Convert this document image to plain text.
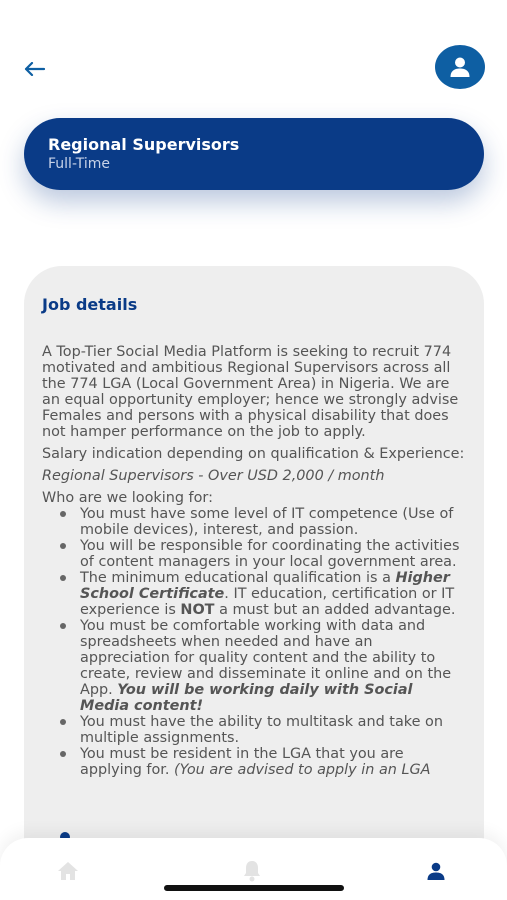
Regional Supervisors
Full-Time
Job details

A Top-Tier Social Media Platform is seeking to recruit 774 motivated and ambitious Regional Supervisors across all the 774 LGA (Local Government Area) in Nigeria. We are an equal opportunity employer; hence we strongly advise Females and persons with a physical disability that does not hamper performance on the job to apply.

Salary indication depending on qualification & Experience:

Regional Supervisors - Over USD 2,000 / month

Who are we looking for:

You must have some level of IT competence (Use of mobile devices), interest, and passion.
You will be responsible for coordinating the activities of content managers in your local government area.
The minimum educational qualification is a Higher School Certificate. IT education, certification or IT experience is NOT a must but an added advantage.
You must be comfortable working with data and spreadsheets when needed and have an appreciation for quality content and the ability to create, review and disseminate it online and on the App. You will be working daily with Social Media content!
You must have the ability to multitask and take on multiple assignments.
You must be resident in the LGA that you are applying for. (You are advised to apply in an LGA
